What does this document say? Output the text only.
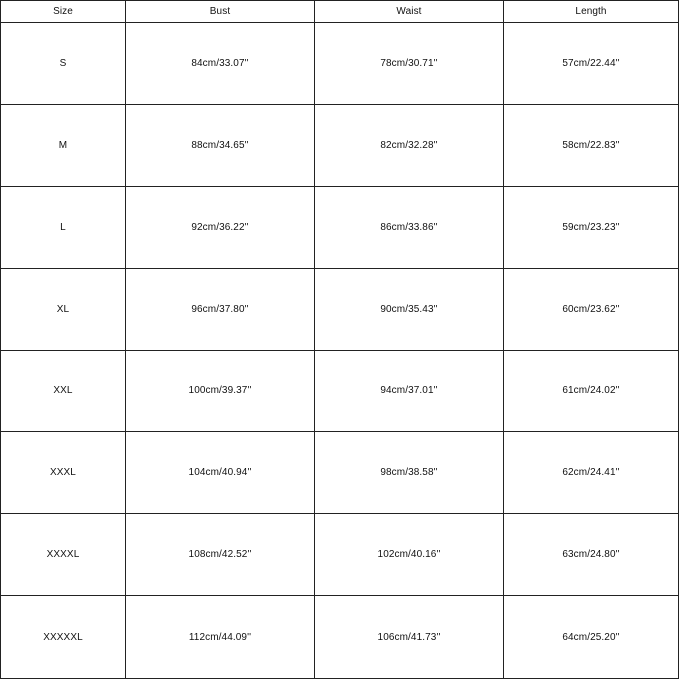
Size	Bust	Waist	Length
S	84cm/33.07''	78cm/30.71''	57cm/22.44''
M	88cm/34.65''	82cm/32.28''	58cm/22.83''
L	92cm/36.22''	86cm/33.86''	59cm/23.23''
XL	96cm/37.80''	90cm/35.43''	60cm/23.62''
XXL	100cm/39.37''	94cm/37.01''	61cm/24.02''
XXXL	104cm/40.94''	98cm/38.58''	62cm/24.41''
XXXXL	108cm/42.52''	102cm/40.16''	63cm/24.80''
XXXXXL	112cm/44.09''	106cm/41.73''	64cm/25.20''
